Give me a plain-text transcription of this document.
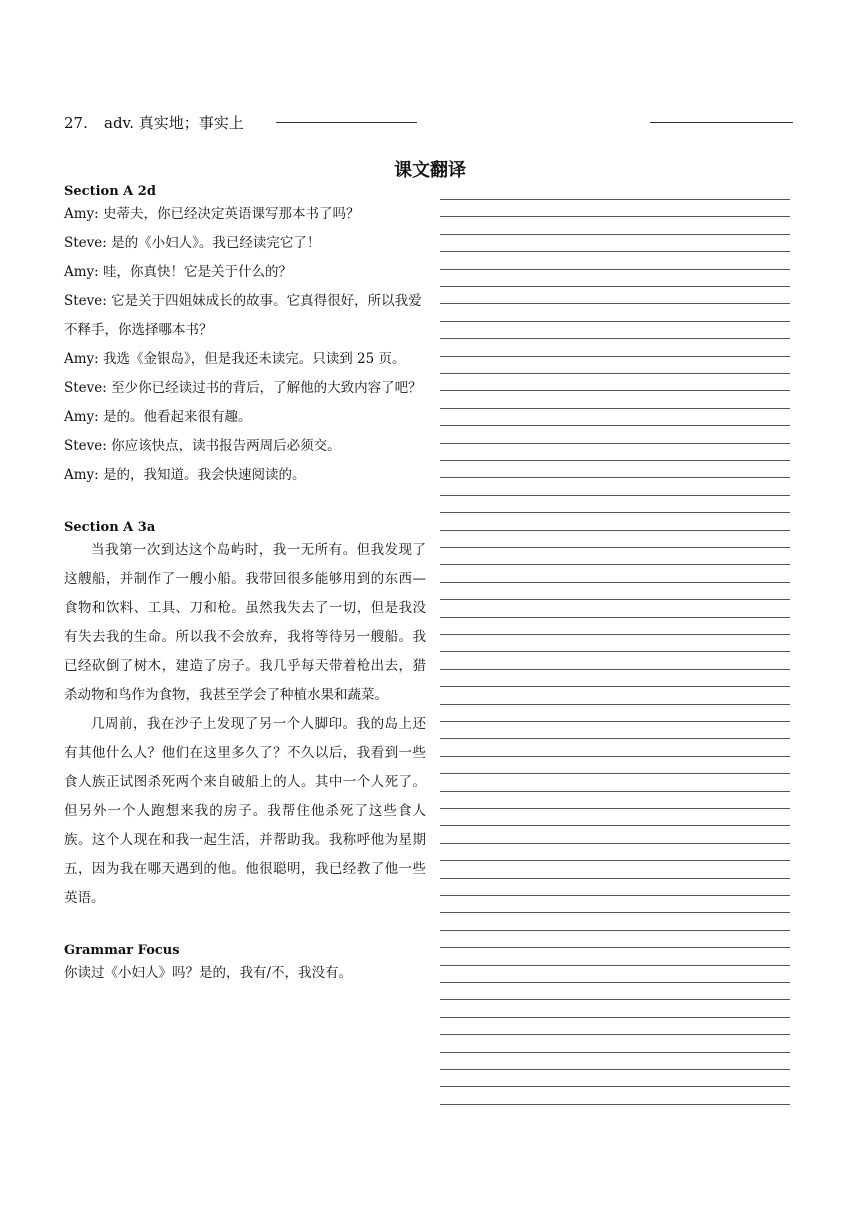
27. adv. 真实地；事实上
课文翻译

Section A 2d

Amy: 史蒂夫，你已经决定英语课写那本书了吗？

Steve: 是的《小妇人》。我已经读完它了！

Amy: 哇，你真快！它是关于什么的？

Steve: 它是关于四姐妹成长的故事。它真得很好，所以我爱不释手，你选择哪本书？

Amy: 我选《金银岛》，但是我还未读完。只读到 25 页。

Steve: 至少你已经读过书的背后，了解他的大致内容了吧？

Amy: 是的。他看起来很有趣。

Steve: 你应该快点，读书报告两周后必须交。

Amy: 是的，我知道。我会快速阅读的。

Section A 3a

当我第一次到达这个岛屿时，我一无所有。但我发现了这艘船，并制作了一艘小船。我带回很多能够用到的东西—食物和饮料、工具、刀和枪。虽然我失去了一切，但是我没有失去我的生命。所以我不会放弃，我将等待另一艘船。我已经砍倒了树木，建造了房子。我几乎每天带着枪出去，猎杀动物和鸟作为食物，我甚至学会了种植水果和蔬菜。

几周前，我在沙子上发现了另一个人脚印。我的岛上还有其他什么人？他们在这里多久了？不久以后，我看到一些食人族正试图杀死两个来自破船上的人。其中一个人死了。但另外一个人跑想来我的房子。我帮住他杀死了这些食人族。这个人现在和我一起生活，并帮助我。我称呼他为星期五，因为我在哪天遇到的他。他很聪明，我已经教了他一些英语。

Grammar Focus

你读过《小妇人》吗？是的，我有/不，我没有。
